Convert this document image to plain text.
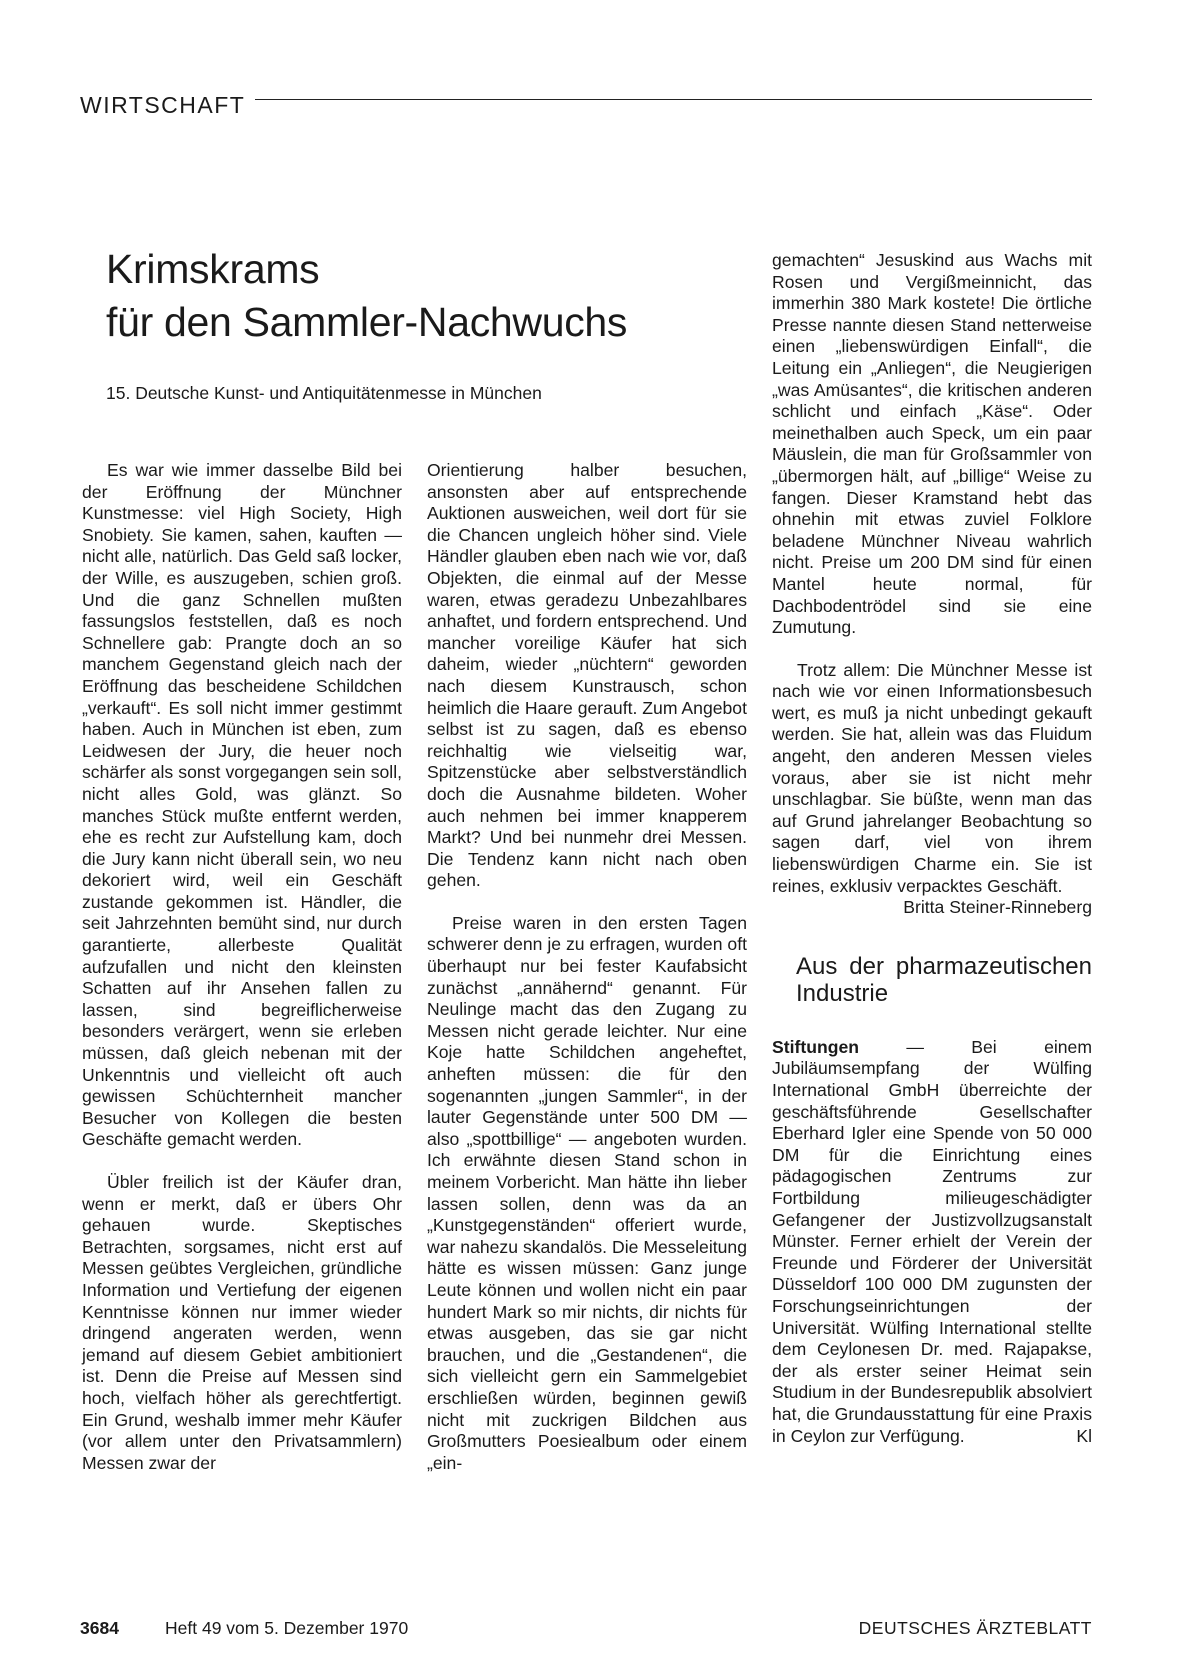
WIRTSCHAFT
Krimskrams
für den Sammler-Nachwuchs

15. Deutsche Kunst- und Antiquitätenmesse in München

Es war wie immer dasselbe Bild bei der Eröffnung der Münchner Kunstmesse: viel High Society, High Snobiety. Sie kamen, sahen, kauften — nicht alle, natürlich. Das Geld saß locker, der Wille, es auszugeben, schien groß. Und die ganz Schnellen mußten fassungslos feststellen, daß es noch Schnellere gab: Prangte doch an so manchem Gegenstand gleich nach der Eröffnung das bescheidene Schildchen „verkauft“. Es soll nicht immer gestimmt haben. Auch in München ist eben, zum Leidwesen der Jury, die heuer noch schärfer als sonst vorgegangen sein soll, nicht alles Gold, was glänzt. So manches Stück mußte entfernt werden, ehe es recht zur Aufstellung kam, doch die Jury kann nicht überall sein, wo neu dekoriert wird, weil ein Geschäft zustande gekommen ist. Händler, die seit Jahrzehnten bemüht sind, nur durch garantierte, allerbeste Qualität aufzufallen und nicht den kleinsten Schatten auf ihr Ansehen fallen zu lassen, sind begreiflicherweise besonders verärgert, wenn sie erleben müssen, daß gleich nebenan mit der Unkenntnis und vielleicht oft auch gewissen Schüchternheit mancher Besucher von Kollegen die besten Geschäfte gemacht werden.

Übler freilich ist der Käufer dran, wenn er merkt, daß er übers Ohr gehauen wurde. Skeptisches Betrachten, sorgsames, nicht erst auf Messen geübtes Vergleichen, gründliche Information und Vertiefung der eigenen Kenntnisse können nur immer wieder dringend angeraten werden, wenn jemand auf diesem Gebiet ambitioniert ist. Denn die Preise auf Messen sind hoch, vielfach höher als gerechtfertigt. Ein Grund, weshalb immer mehr Käufer (vor allem unter den Privatsammlern) Messen zwar der

Orientierung halber besuchen, ansonsten aber auf entsprechende Auktionen ausweichen, weil dort für sie die Chancen ungleich höher sind. Viele Händler glauben eben nach wie vor, daß Objekten, die einmal auf der Messe waren, etwas geradezu Unbezahlbares anhaftet, und fordern entsprechend. Und mancher voreilige Käufer hat sich daheim, wieder „nüchtern“ geworden nach diesem Kunstrausch, schon heimlich die Haare gerauft. Zum Angebot selbst ist zu sagen, daß es ebenso reichhaltig wie vielseitig war, Spitzenstücke aber selbstverständlich doch die Ausnahme bildeten. Woher auch nehmen bei immer knapperem Markt? Und bei nunmehr drei Messen. Die Tendenz kann nicht nach oben gehen.

Preise waren in den ersten Tagen schwerer denn je zu erfragen, wurden oft überhaupt nur bei fester Kaufabsicht zunächst „annähernd“ genannt. Für Neulinge macht das den Zugang zu Messen nicht gerade leichter. Nur eine Koje hatte Schildchen angeheftet, anheften müssen: die für den sogenannten „jungen Sammler“, in der lauter Gegenstände unter 500 DM — also „spottbillige“ — angeboten wurden. Ich erwähnte diesen Stand schon in meinem Vorbericht. Man hätte ihn lieber lassen sollen, denn was da an „Kunstgegenständen“ offeriert wurde, war nahezu skandalös. Die Messeleitung hätte es wissen müssen: Ganz junge Leute können und wollen nicht ein paar hundert Mark so mir nichts, dir nichts für etwas ausgeben, das sie gar nicht brauchen, und die „Gestandenen“, die sich vielleicht gern ein Sammelgebiet erschließen würden, beginnen gewiß nicht mit zuckrigen Bildchen aus Großmutters Poesiealbum oder einem „ein-

gemachten“ Jesuskind aus Wachs mit Rosen und Vergißmeinnicht, das immerhin 380 Mark kostete! Die örtliche Presse nannte diesen Stand netterweise einen „liebenswürdigen Einfall“, die Leitung ein „Anliegen“, die Neugierigen „was Amüsantes“, die kritischen anderen schlicht und einfach „Käse“. Oder meinethalben auch Speck, um ein paar Mäuslein, die man für Großsammler von „übermorgen hält, auf „billige“ Weise zu fangen. Dieser Kramstand hebt das ohnehin mit etwas zuviel Folklore beladene Münchner Niveau wahrlich nicht. Preise um 200 DM sind für einen Mantel heute normal, für Dachbodentrödel sind sie eine Zumutung.

Trotz allem: Die Münchner Messe ist nach wie vor einen Informationsbesuch wert, es muß ja nicht unbedingt gekauft werden. Sie hat, allein was das Fluidum angeht, den anderen Messen vieles voraus, aber sie ist nicht mehr unschlagbar. Sie büßte, wenn man das auf Grund jahrelanger Beobachtung so sagen darf, viel von ihrem liebenswürdigen Charme ein. Sie ist reines, exklusiv verpacktes Geschäft.

Britta Steiner-Rinneberg

Aus der pharmazeutischen Industrie

Stiftungen — Bei einem Jubiläumsempfang der Wülfing International GmbH überreichte der geschäftsführende Gesellschafter Eberhard Igler eine Spende von 50 000 DM für die Einrichtung eines pädagogischen Zentrums zur Fortbildung milieugeschädigter Gefangener der Justizvollzugsanstalt Münster. Ferner erhielt der Verein der Freunde und Förderer der Universität Düsseldorf 100 000 DM zugunsten der Forschungseinrichtungen der Universität. Wülfing International stellte dem Ceylonesen Dr. med. Rajapakse, der als erster seiner Heimat sein Studium in der Bundesrepublik absolviert hat, die Grundausstattung für eine Praxis in Ceylon zur Verfügung.	Kl

3684	Heft 49 vom 5. Dezember 1970	DEUTSCHES ÄRZTEBLATT
